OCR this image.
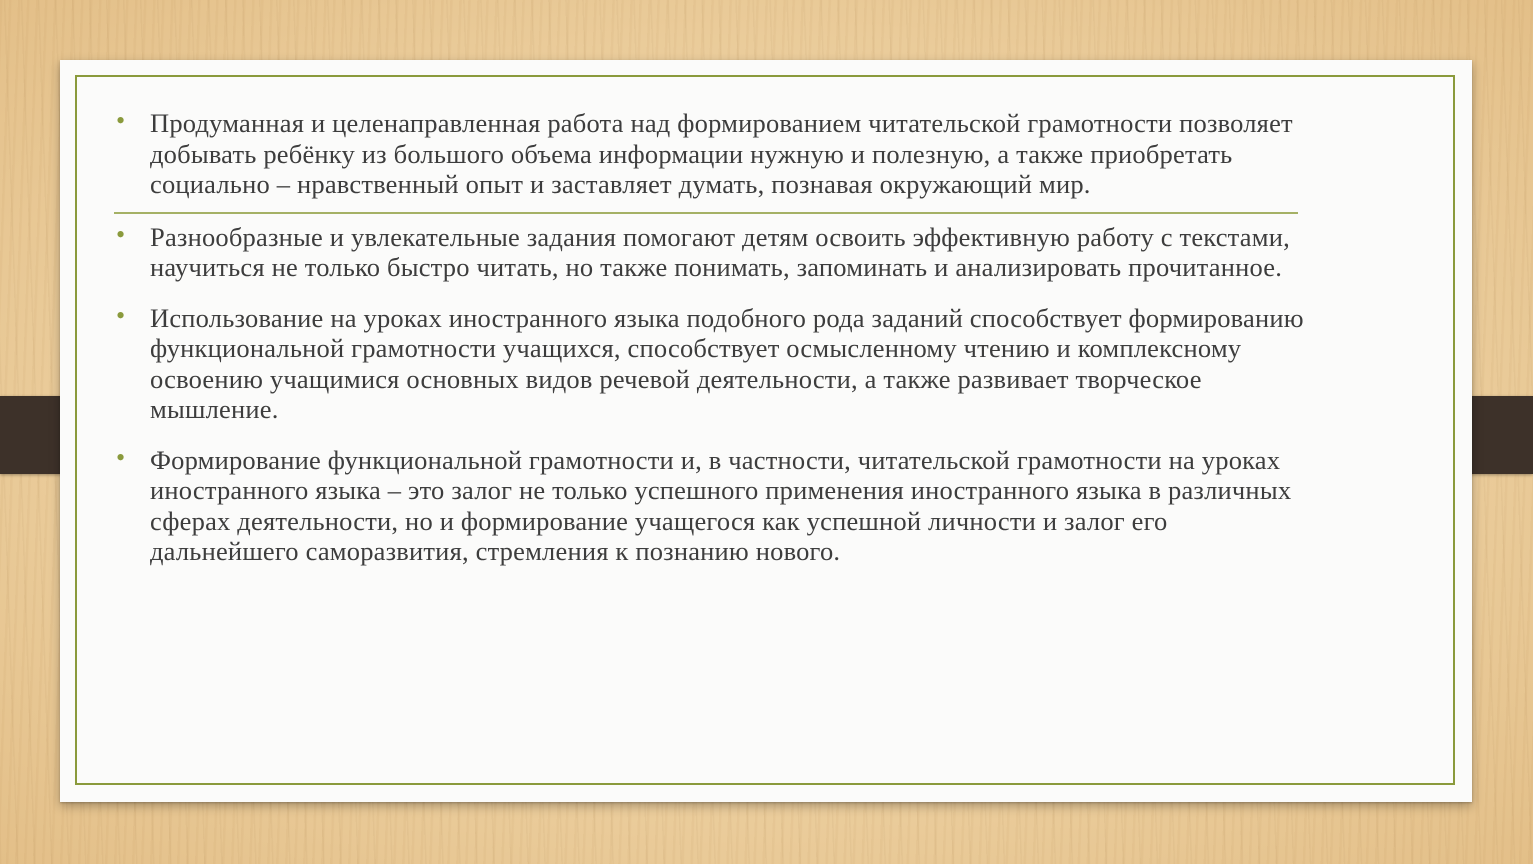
• Продуманная и целенаправленная работа над формированием читательской грамотности позволяет добывать ребёнку из большого объема информации нужную и полезную, а также приобретать социально – нравственный опыт и заставляет думать, познавая окружающий мир.
• Разнообразные и увлекательные задания помогают детям освоить эффективную работу с текстами, научиться не только быстро читать, но также понимать, запоминать и анализировать прочитанное.
• Использование на уроках иностранного языка подобного рода заданий способствует формированию функциональной грамотности учащихся, способствует осмысленному чтению и комплексному освоению учащимися основных видов речевой деятельности, а также развивает творческое мышление.
• Формирование функциональной грамотности и, в частности, читательской грамотности на уроках иностранного языка – это залог не только успешного применения иностранного языка в различных сферах деятельности, но и формирование учащегося как успешной личности и залог его дальнейшего саморазвития, стремления к познанию нового.
